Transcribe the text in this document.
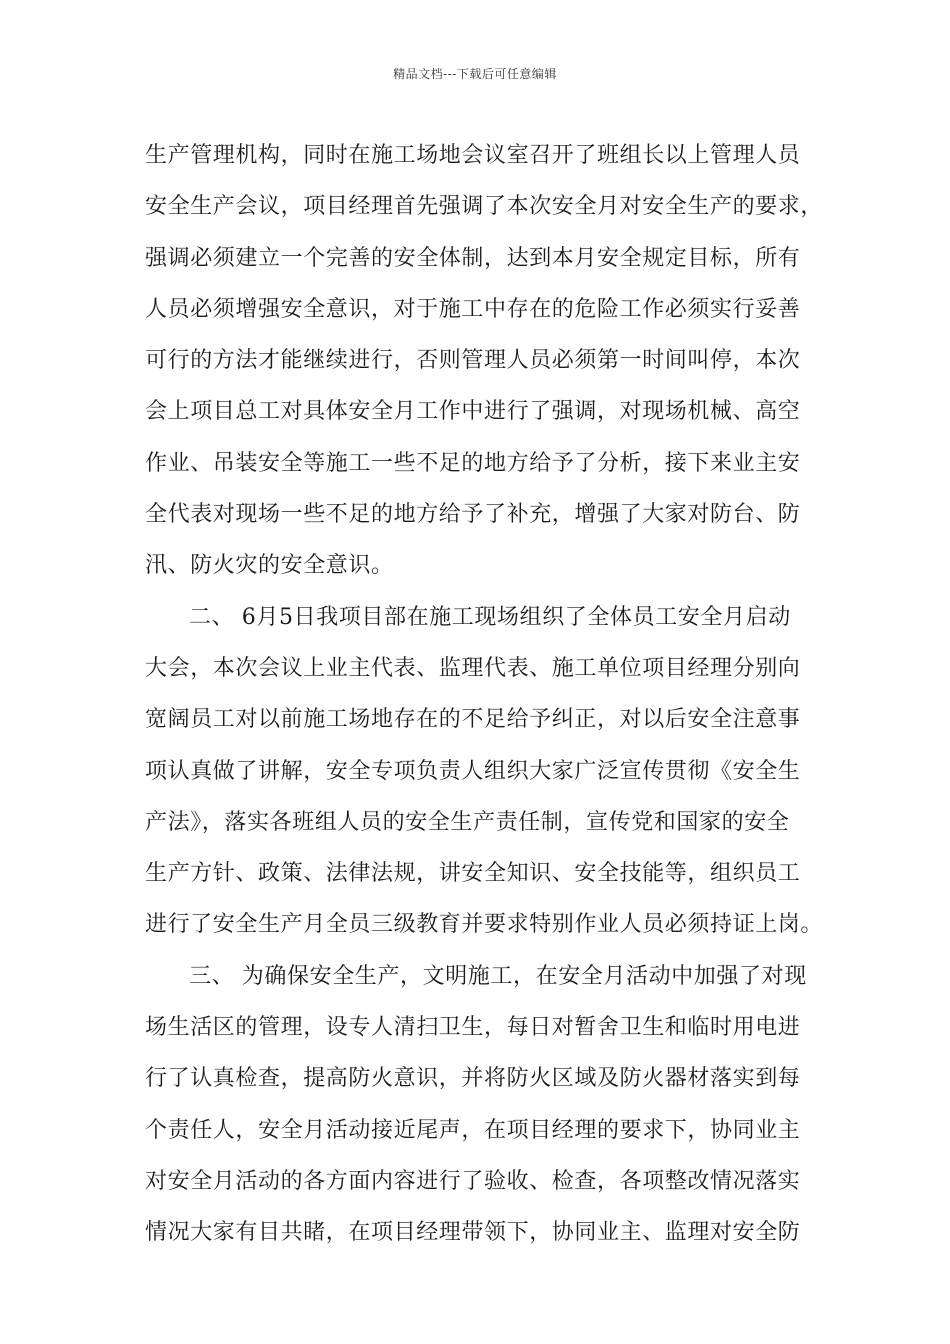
精品文档---下载后可任意编辑
生产管理机构，同时在施工场地会议室召开了班组长以上管理人员
安全生产会议，项目经理首先强调了本次安全月对安全生产的要求，
强调必须建立一个完善的安全体制，达到本月安全规定目标，所有
人员必须增强安全意识，对于施工中存在的危险工作必须实行妥善
可行的方法才能继续进行，否则管理人员必须第一时间叫停，本次
会上项目总工对具体安全月工作中进行了强调，对现场机械、高空
作业、吊装安全等施工一些不足的地方给予了分析，接下来业主安
全代表对现场一些不足的地方给予了补充，增强了大家对防台、防
汛、防火灾的安全意识。
二、 6月5日我项目部在施工现场组织了全体员工安全月启动
大会，本次会议上业主代表、监理代表、施工单位项目经理分别向
宽阔员工对以前施工场地存在的不足给予纠正，对以后安全注意事
项认真做了讲解，安全专项负责人组织大家广泛宣传贯彻《安全生
产法》，落实各班组人员的安全生产责任制，宣传党和国家的安全
生产方针、政策、法律法规，讲安全知识、安全技能等，组织员工
进行了安全生产月全员三级教育并要求特别作业人员必须持证上岗。
三、 为确保安全生产，文明施工，在安全月活动中加强了对现
场生活区的管理，设专人清扫卫生，每日对暂舍卫生和临时用电进
行了认真检查，提高防火意识，并将防火区域及防火器材落实到每
个责任人，安全月活动接近尾声，在项目经理的要求下，协同业主
对安全月活动的各方面内容进行了验收、检查，各项整改情况落实
情况大家有目共睹，在项目经理带领下，协同业主、监理对安全防
